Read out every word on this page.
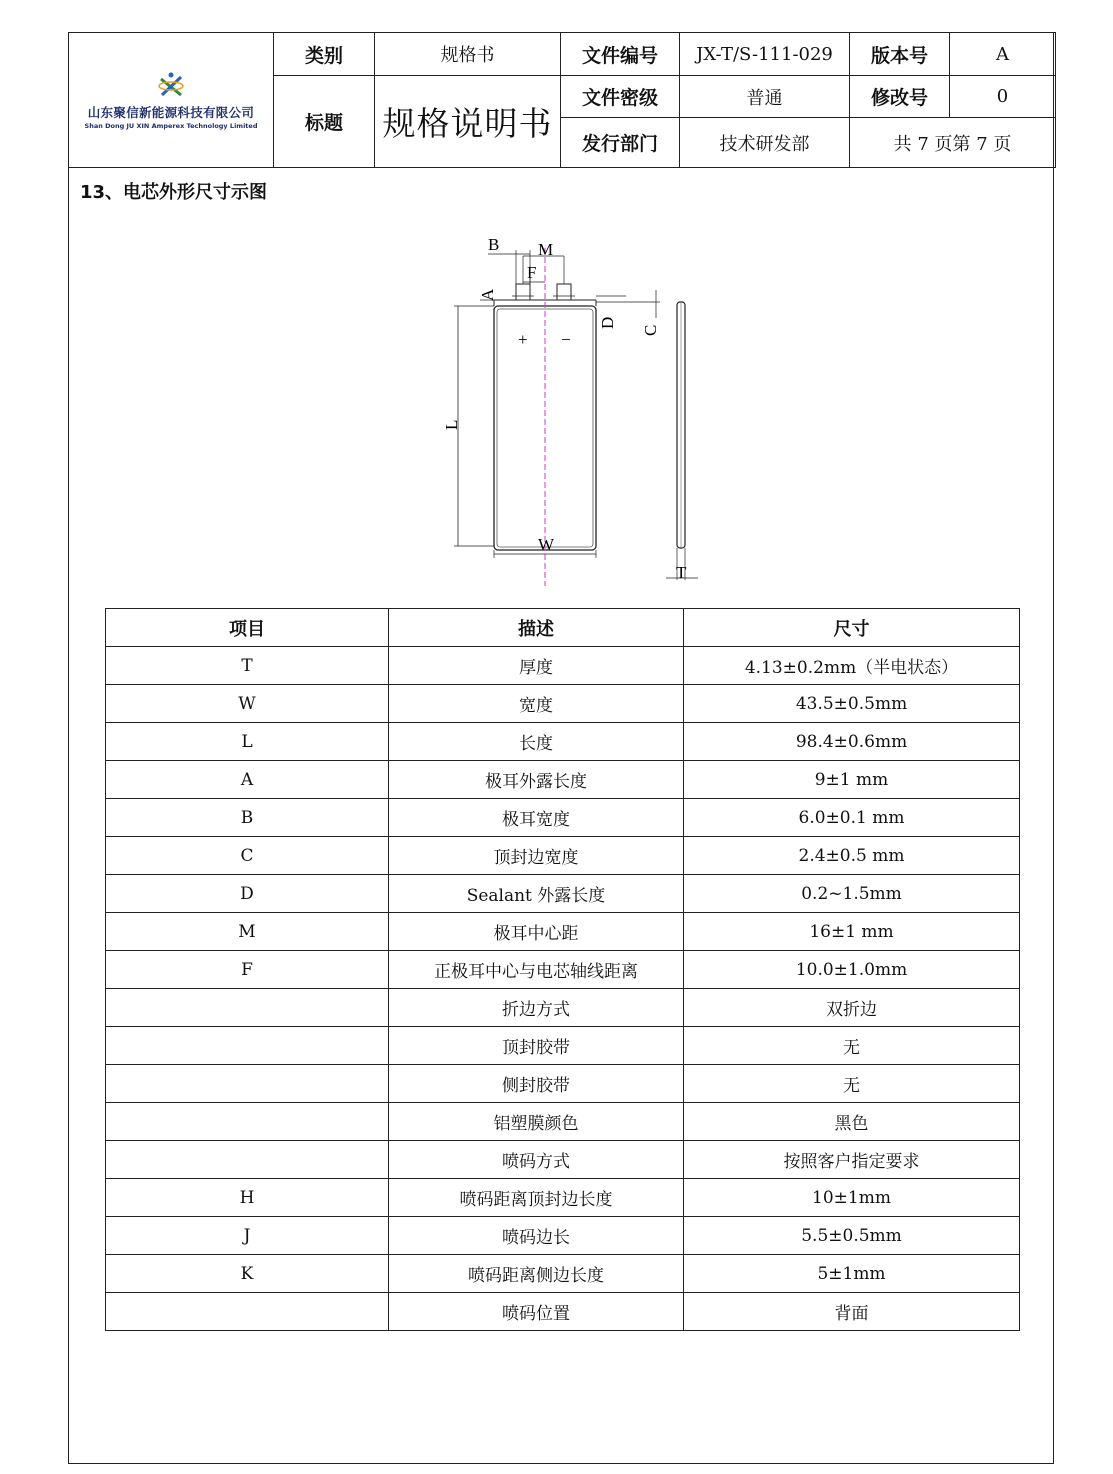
山东聚信新能源科技有限公司
Shan Dong JU XIN Amperex Technology Limited	类别	规格书	文件编号	JX-T/S-111-029	版本号	A
	标题	规格说明书	文件密级	普通	修改号	0
			发行部门	技术研发部	共 7 页第 7 页	
13、电芯外形尺寸示图
B M
F
A
D
C
L
W
T
+ −
项目	描述	尺寸
T	厚度	4.13±0.2mm（半电状态）
W	宽度	43.5±0.5mm
L	长度	98.4±0.6mm
A	极耳外露长度	9±1 mm
B	极耳宽度	6.0±0.1 mm
C	顶封边宽度	2.4±0.5 mm
D	Sealant 外露长度	0.2~1.5mm
M	极耳中心距	16±1 mm
F	正极耳中心与电芯轴线距离	10.0±1.0mm
	折边方式	双折边
	顶封胶带	无
	侧封胶带	无
	铝塑膜颜色	黑色
	喷码方式	按照客户指定要求
H	喷码距离顶封边长度	10±1mm
J	喷码边长	5.5±0.5mm
K	喷码距离侧边长度	5±1mm
	喷码位置	背面
